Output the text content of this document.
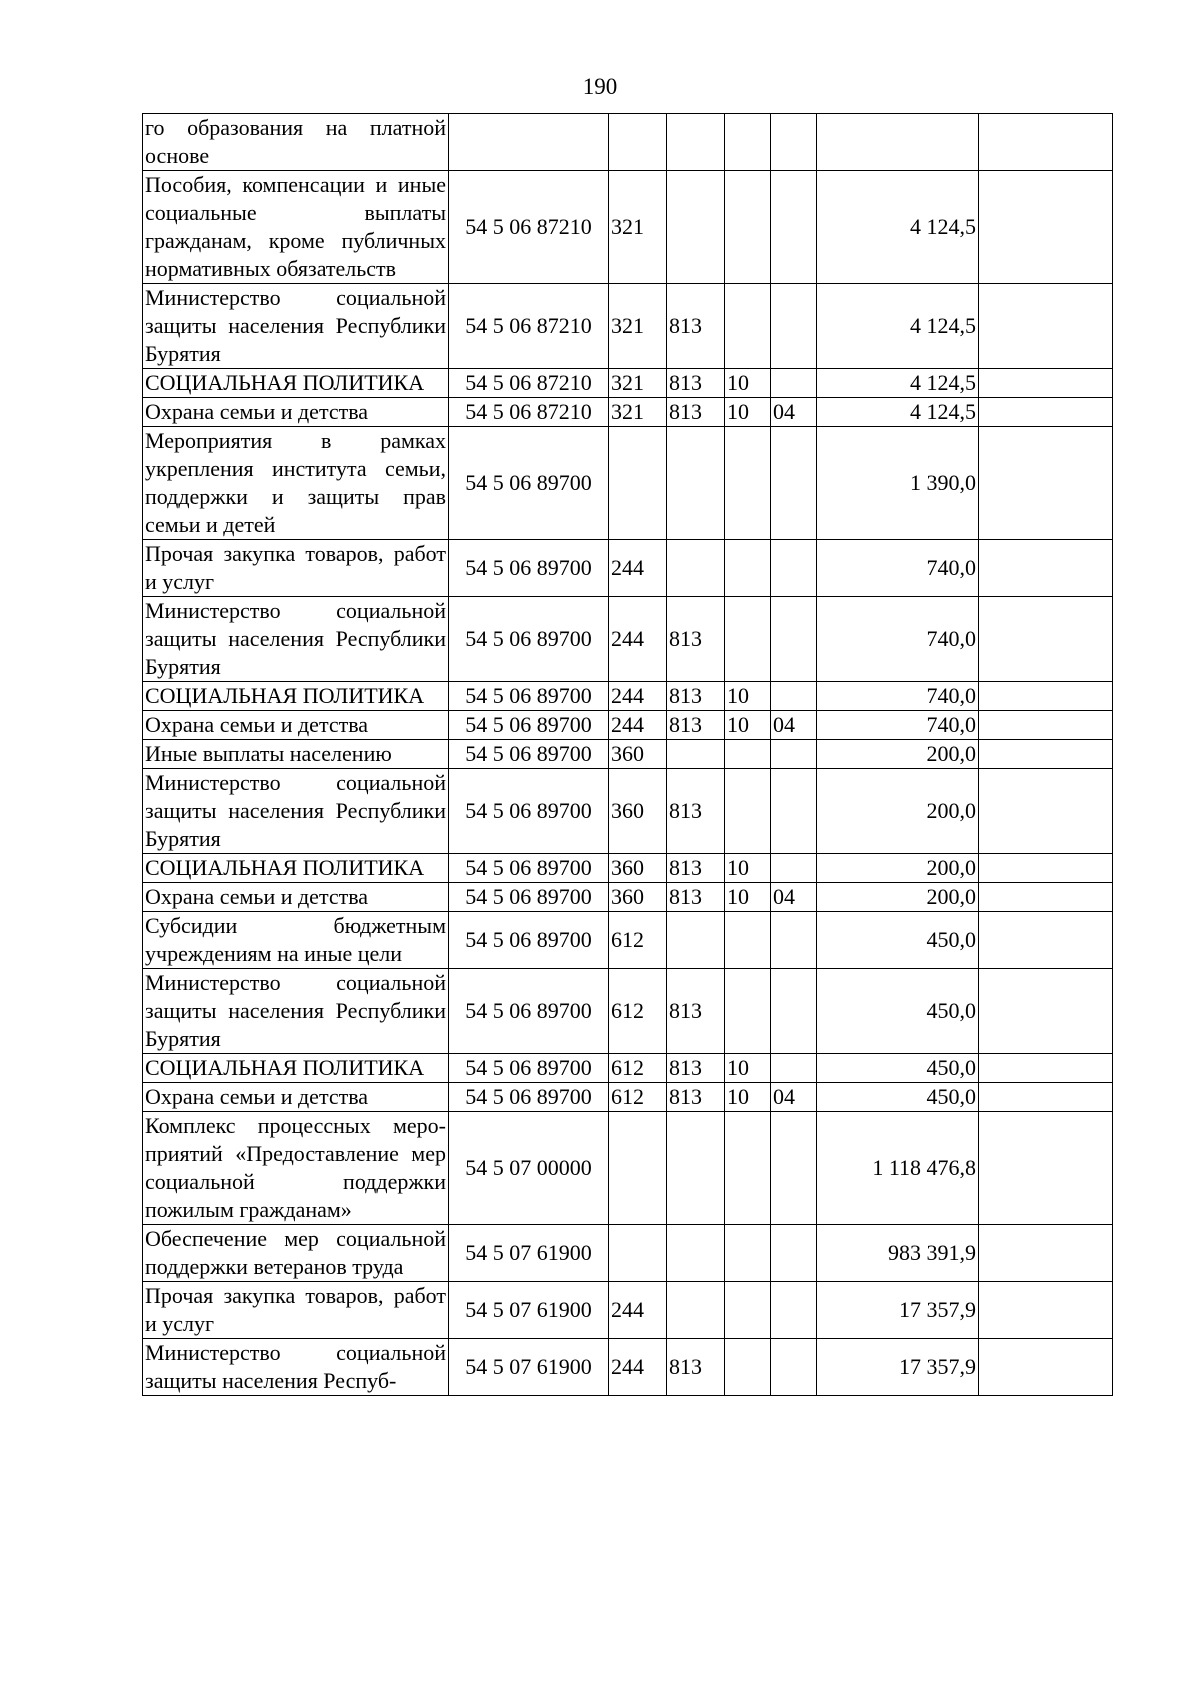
190
го образования на платной основе							
Пособия, компенсации и иные социальные выплаты гражданам, кроме публичных нормативных обязательств	54 5 06 87210	321				4 124,5	
Министерство социальной защиты населения Республики Бурятия	54 5 06 87210	321	813			4 124,5	
СОЦИАЛЬНАЯ ПОЛИТИКА	54 5 06 87210	321	813	10		4 124,5	
Охрана семьи и детства	54 5 06 87210	321	813	10	04	4 124,5	
Мероприятия в рамках укрепления института семьи, поддержки и защиты прав семьи и детей	54 5 06 89700					1 390,0	
Прочая закупка товаров, работ и услуг	54 5 06 89700	244				740,0	
Министерство социальной защиты населения Республики Бурятия	54 5 06 89700	244	813			740,0	
СОЦИАЛЬНАЯ ПОЛИТИКА	54 5 06 89700	244	813	10		740,0	
Охрана семьи и детства	54 5 06 89700	244	813	10	04	740,0	
Иные выплаты населению	54 5 06 89700	360				200,0	
Министерство социальной защиты населения Республики Бурятия	54 5 06 89700	360	813			200,0	
СОЦИАЛЬНАЯ ПОЛИТИКА	54 5 06 89700	360	813	10		200,0	
Охрана семьи и детства	54 5 06 89700	360	813	10	04	200,0	
Субсидии бюджетным учреждениям на иные цели	54 5 06 89700	612				450,0	
Министерство социальной защиты населения Республики Бурятия	54 5 06 89700	612	813			450,0	
СОЦИАЛЬНАЯ ПОЛИТИКА	54 5 06 89700	612	813	10		450,0	
Охрана семьи и детства	54 5 06 89700	612	813	10	04	450,0	
Комплекс процессных мероприятий «Предоставление мер социальной поддержки пожилым гражданам»	54 5 07 00000					1 118 476,8	
Обеспечение мер социальной поддержки ветеранов труда	54 5 07 61900					983 391,9	
Прочая закупка товаров, работ и услуг	54 5 07 61900	244				17 357,9	
Министерство социальной защиты населения Респуб-	54 5 07 61900	244	813			17 357,9	
